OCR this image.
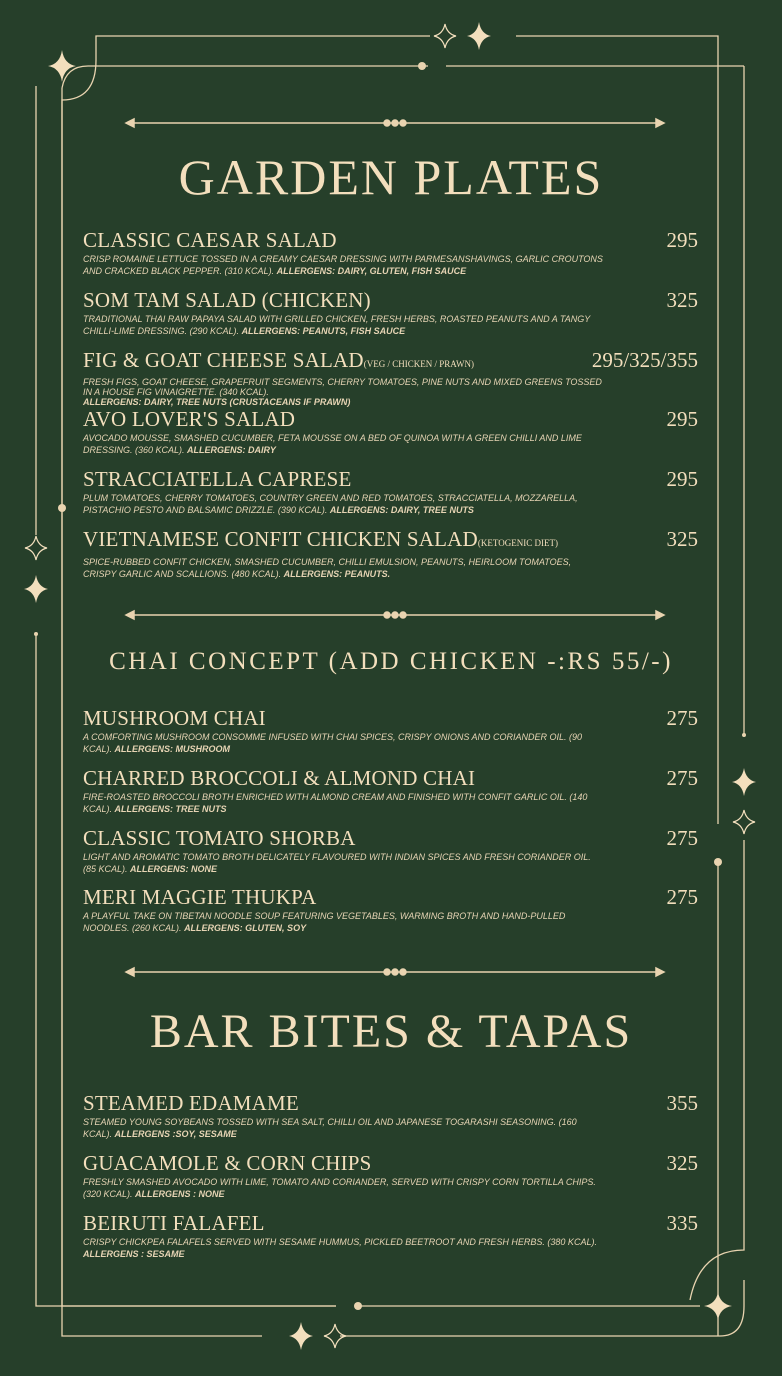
GARDEN PLATES
CLASSIC CAESAR SALAD	295
CRISP ROMAINE LETTUCE TOSSED IN A CREAMY CAESAR DRESSING WITH PARMESANSHAVINGS, GARLIC CROUTONS AND CRACKED BLACK PEPPER. (310 KCAL). ALLERGENS: DAIRY, GLUTEN, FISH SAUCE
SOM TAM SALAD (CHICKEN)	325
TRADITIONAL THAI RAW PAPAYA SALAD WITH GRILLED CHICKEN, FRESH HERBS, ROASTED PEANUTS AND A TANGY CHILLI-LIME DRESSING. (290 KCAL). ALLERGENS: PEANUTS, FISH SAUCE
FIG & GOAT CHEESE SALAD(VEG / CHICKEN / PRAWN)	295/325/355
FRESH FIGS, GOAT CHEESE, GRAPEFRUIT SEGMENTS, CHERRY TOMATOES, PINE NUTS AND MIXED GREENS TOSSED IN A HOUSE FIG VINAIGRETTE. (340 KCAL).
ALLERGENS: DAIRY, TREE NUTS (CRUSTACEANS IF PRAWN)
AVO LOVER'S SALAD	295
AVOCADO MOUSSE, SMASHED CUCUMBER, FETA MOUSSE ON A BED OF QUINOA WITH A GREEN CHILLI AND LIME DRESSING. (360 KCAL). ALLERGENS: DAIRY
STRACCIATELLA CAPRESE	295
PLUM TOMATOES, CHERRY TOMATOES, COUNTRY GREEN AND RED TOMATOES, STRACCIATELLA, MOZZARELLA, PISTACHIO PESTO AND BALSAMIC DRIZZLE. (390 KCAL). ALLERGENS: DAIRY, TREE NUTS
VIETNAMESE CONFIT CHICKEN SALAD(KETOGENIC DIET)	325
SPICE-RUBBED CONFIT CHICKEN, SMASHED CUCUMBER, CHILLI EMULSION, PEANUTS, HEIRLOOM TOMATOES, CRISPY GARLIC AND SCALLIONS. (480 KCAL). ALLERGENS: PEANUTS.
CHAI CONCEPT (ADD CHICKEN -:RS 55/-)
MUSHROOM CHAI	275
A COMFORTING MUSHROOM CONSOMME INFUSED WITH CHAI SPICES, CRISPY ONIONS AND CORIANDER OIL. (90 KCAL). ALLERGENS: MUSHROOM
CHARRED BROCCOLI & ALMOND CHAI	275
FIRE-ROASTED BROCCOLI BROTH ENRICHED WITH ALMOND CREAM AND FINISHED WITH CONFIT GARLIC OIL. (140 KCAL). ALLERGENS: TREE NUTS
CLASSIC TOMATO SHORBA	275
LIGHT AND AROMATIC TOMATO BROTH DELICATELY FLAVOURED WITH INDIAN SPICES AND FRESH CORIANDER OIL. (85 KCAL). ALLERGENS: NONE
MERI MAGGIE THUKPA	275
A PLAYFUL TAKE ON TIBETAN NOODLE SOUP FEATURING VEGETABLES, WARMING BROTH AND HAND-PULLED NOODLES. (260 KCAL). ALLERGENS: GLUTEN, SOY
BAR BITES & TAPAS
STEAMED EDAMAME	355
STEAMED YOUNG SOYBEANS TOSSED WITH SEA SALT, CHILLI OIL AND JAPANESE TOGARASHI SEASONING. (160 KCAL). ALLERGENS :SOY, SESAME
GUACAMOLE & CORN CHIPS	325
FRESHLY SMASHED AVOCADO WITH LIME, TOMATO AND CORIANDER, SERVED WITH CRISPY CORN TORTILLA CHIPS. (320 KCAL). ALLERGENS : NONE
BEIRUTI FALAFEL	335
CRISPY CHICKPEA FALAFELS SERVED WITH SESAME HUMMUS, PICKLED BEETROOT AND FRESH HERBS. (380 KCAL). ALLERGENS : SESAME
